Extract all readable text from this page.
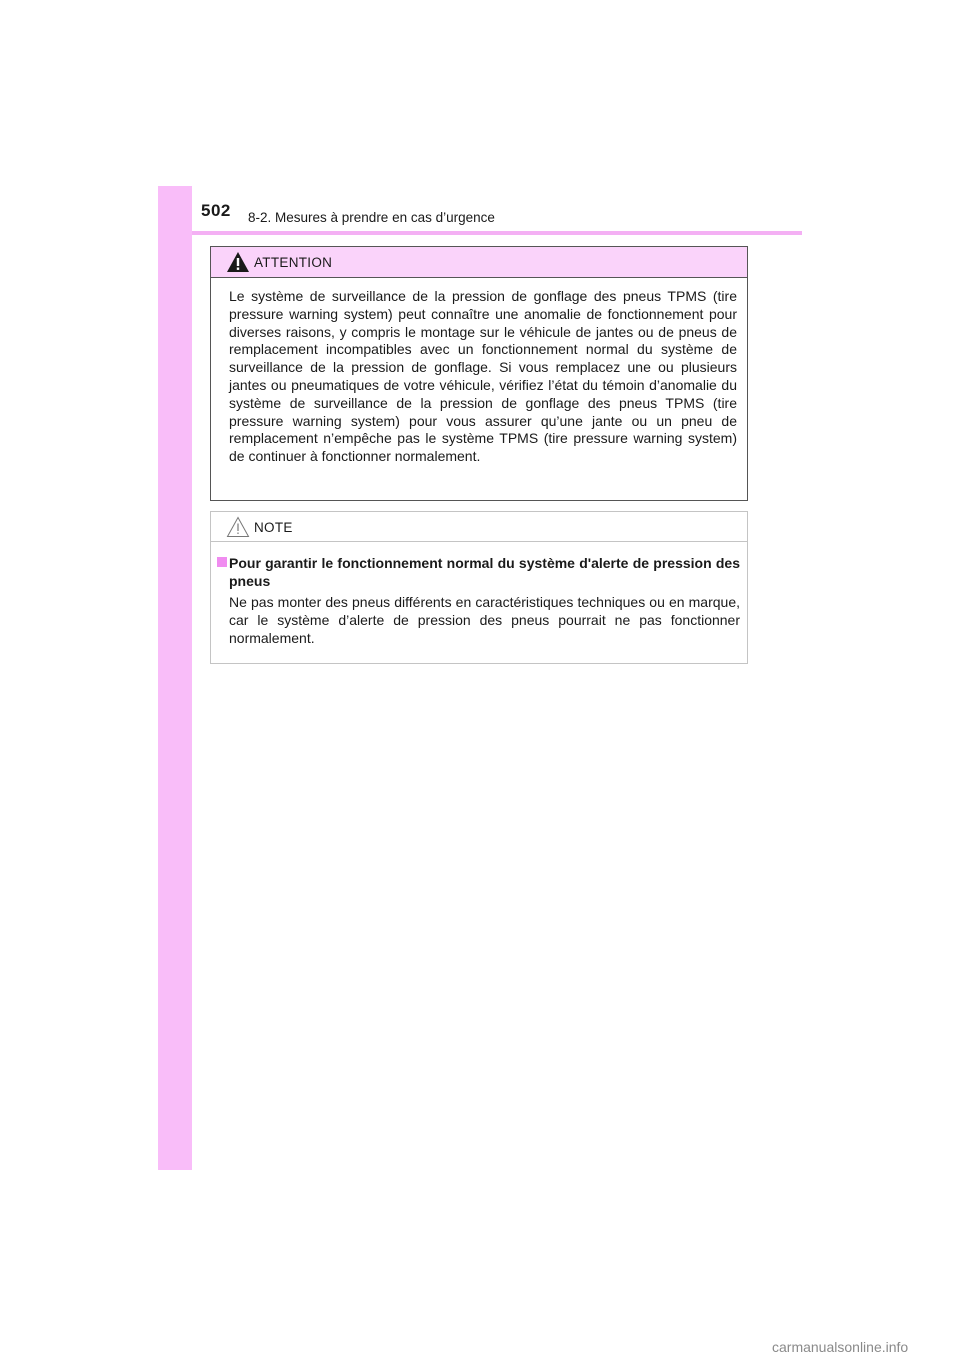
502 8-2. Mesures à prendre en cas d’urgence
ATTENTION
Le système de surveillance de la pression de gonflage des pneus TPMS (tire pressure warning system) peut connaître une anomalie de fonctionnement pour diverses raisons, y compris le montage sur le véhicule de jantes ou de pneus de remplacement incompatibles avec un fonctionnement normal du système de surveillance de la pression de gonflage. Si vous remplacez une ou plusieurs jantes ou pneumatiques de votre véhicule, vérifiez l’état du témoin d’anomalie du système de surveillance de la pression de gonflage des pneus TPMS (tire pressure warning system) pour vous assurer qu’une jante ou un pneu de remplacement n’empêche pas le système TPMS (tire pressure warning system) de continuer à fonctionner normalement.
NOTE
Pour garantir le fonctionnement normal du système d'alerte de pression des pneus
Ne pas monter des pneus différents en caractéristiques techniques ou en marque, car le système d’alerte de pression des pneus pourrait ne pas fonctionner normalement.
carmanualsonline.info
